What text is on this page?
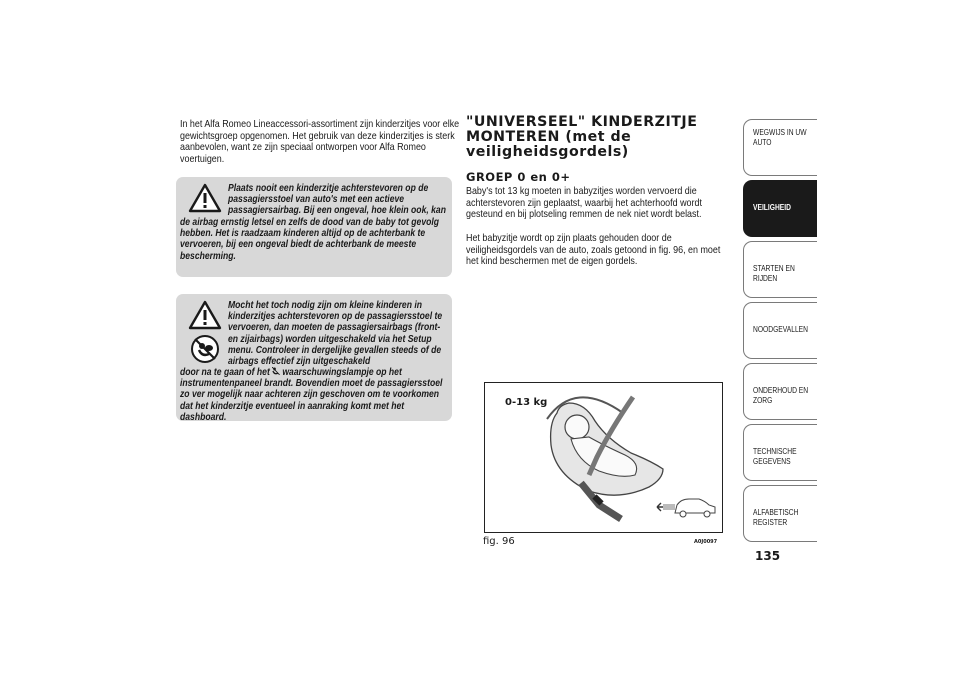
In het Alfa Romeo Lineaccessori-assortiment zijn kinderzitjes voor elke gewichtsgroep opgenomen. Het gebruik van deze kinderzitjes is sterk aanbevolen, want ze zijn speciaal ontworpen voor Alfa Romeo voertuigen.
Plaats nooit een kinderzitje achterstevoren op de passagiersstoel van auto's met een actieve passagiersairbag. Bij een ongeval, hoe klein ook, kan
de airbag ernstig letsel en zelfs de dood van de baby tot gevolg hebben. Het is raadzaam kinderen altijd op de achterbank te vervoeren, bij een ongeval biedt de achterbank de meeste bescherming.
Mocht het toch nodig zijn om kleine kinderen in kinderzitjes achterstevoren op de passagiersstoel te vervoeren, dan moeten de passagiersairbags (front- en zijairbags) worden uitgeschakeld via het Setup menu. Controleer in dergelijke gevallen steeds of de airbags effectief zijn uitgeschakeld
door na te gaan of het waarschuwingslampje op het instrumentenpaneel brandt. Bovendien moet de passagiersstoel zo ver mogelijk naar achteren zijn geschoven om te voorkomen dat het kinderzitje eventueel in aanraking komt met het dashboard.
"UNIVERSEEL" KINDERZITJE MONTEREN (met de veiligheidsgordels)
GROEP 0 en 0+
Baby's tot 13 kg moeten in babyzitjes worden vervoerd die achterstevoren zijn geplaatst, waarbij het achterhoofd wordt gesteund en bij plotseling remmen de nek niet wordt belast.
Het babyzitje wordt op zijn plaats gehouden door de veiligheidsgordels van de auto, zoals getoond in fig. 96, en moet het kind beschermen met de eigen gordels.
0-13 kg
fig. 96	A0J0097
WEGWIJS IN UW AUTO
VEILIGHEID
STARTEN EN RIJDEN
NOODGEVALLEN
ONDERHOUD EN ZORG
TECHNISCHE GEGEVENS
ALFABETISCH REGISTER
135
